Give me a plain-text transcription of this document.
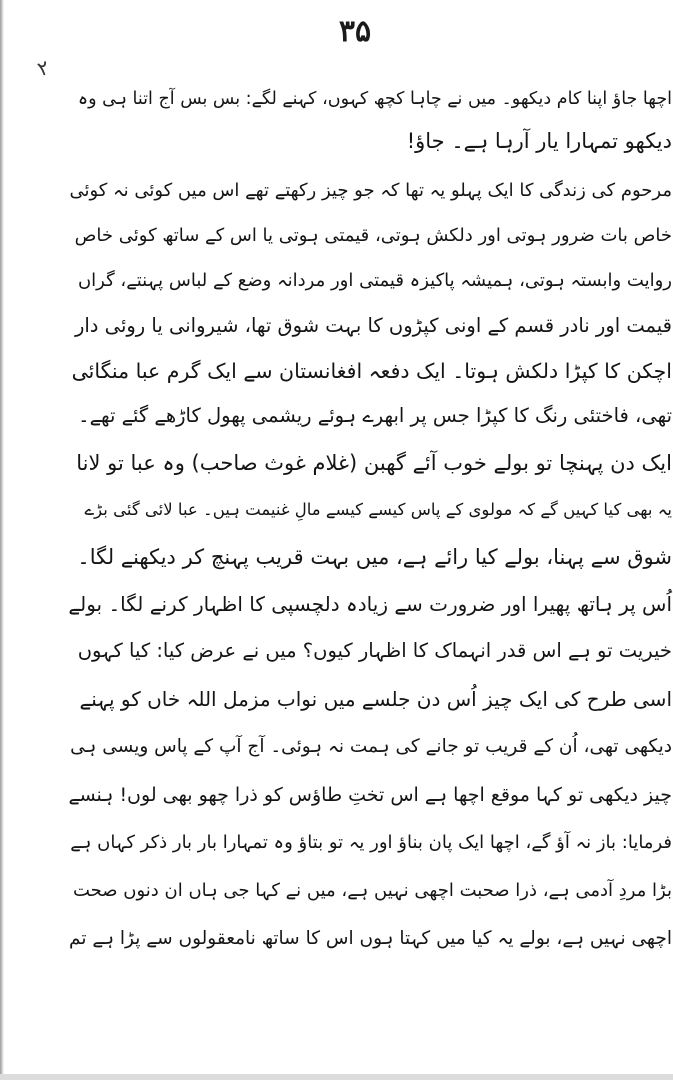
۳۵
۲
اچھا جاؤ اپنا کام دیکھو۔ میں نے چاہا کچھ کہوں، کہنے لگے: بس بس آج اتنا ہی وہ
دیکھو تمہارا یار آرہا ہے۔ جاؤ!
مرحوم کی زندگی کا ایک پہلو یہ تھا کہ جو چیز رکھتے تھے اس میں کوئی نہ کوئی
خاص بات ضرور ہوتی اور دلکش ہوتی، قیمتی ہوتی یا اس کے ساتھ کوئی خاص
روایت وابستہ ہوتی، ہمیشہ پاکیزہ قیمتی اور مردانہ وضع کے لباس پہنتے، گراں
قیمت اور نادر قسم کے اونی کپڑوں کا بہت شوق تھا، شیروانی یا روئی دار
اچکن کا کپڑا دلکش ہوتا۔ ایک دفعہ افغانستان سے ایک گرم عبا منگائی
تھی، فاختئی رنگ کا کپڑا جس پر ابھرے ہوئے ریشمی پھول کاڑھے گئے تھے۔
ایک دن پہنچا تو بولے خوب آئے گھبن (غلام غوث صاحب) وہ عبا تو لانا
یہ بھی کیا کہیں گے کہ مولوی کے پاس کیسے کیسے مالِ غنیمت ہیں۔ عبا لائی گئی بڑے
شوق سے پہنا، بولے کیا رائے ہے، میں بہت قریب پہنچ کر دیکھنے لگا۔
اُس پر ہاتھ پھیرا اور ضرورت سے زیادہ دلچسپی کا اظہار کرنے لگا۔ بولے
خیریت تو ہے اس قدر انہماک کا اظہار کیوں؟ میں نے عرض کیا: کیا کہوں
اسی طرح کی ایک چیز اُس دن جلسے میں نواب مزمل اللہ خاں کو پہنے
دیکھی تھی، اُن کے قریب تو جانے کی ہمت نہ ہوئی۔ آج آپ کے پاس ویسی ہی
چیز دیکھی تو کہا موقع اچھا ہے اس تختِ طاؤس کو ذرا چھو بھی لوں! ہنسے
فرمایا: باز نہ آؤ گے، اچھا ایک پان بناؤ اور یہ تو بتاؤ وہ تمہارا بار بار ذکر کہاں ہے
بڑا مردِ آدمی ہے، ذرا صحبت اچھی نہیں ہے، میں نے کہا جی ہاں ان دنوں صحت
اچھی نہیں ہے، بولے یہ کیا میں کہتا ہوں اس کا ساتھ نامعقولوں سے پڑا ہے تم
